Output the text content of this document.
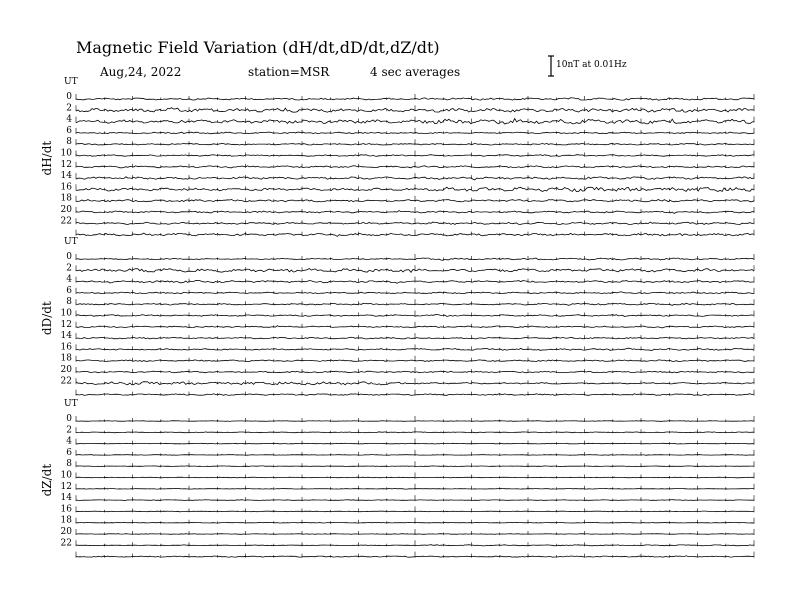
Magnetic Field Variation (dH/dt,dD/dt,dZ/dt)
Aug,24, 2022	station=MSR	4 sec averages	10nT at 0.01Hz
UT
dH/dt
0
2
4
6
8
10
12
14
16
18
20
22
UT
dD/dt
0
2
4
6
8
10
12
14
16
18
20
22
UT
dZ/dt
0
2
4
6
8
10
12
14
16
18
20
22
